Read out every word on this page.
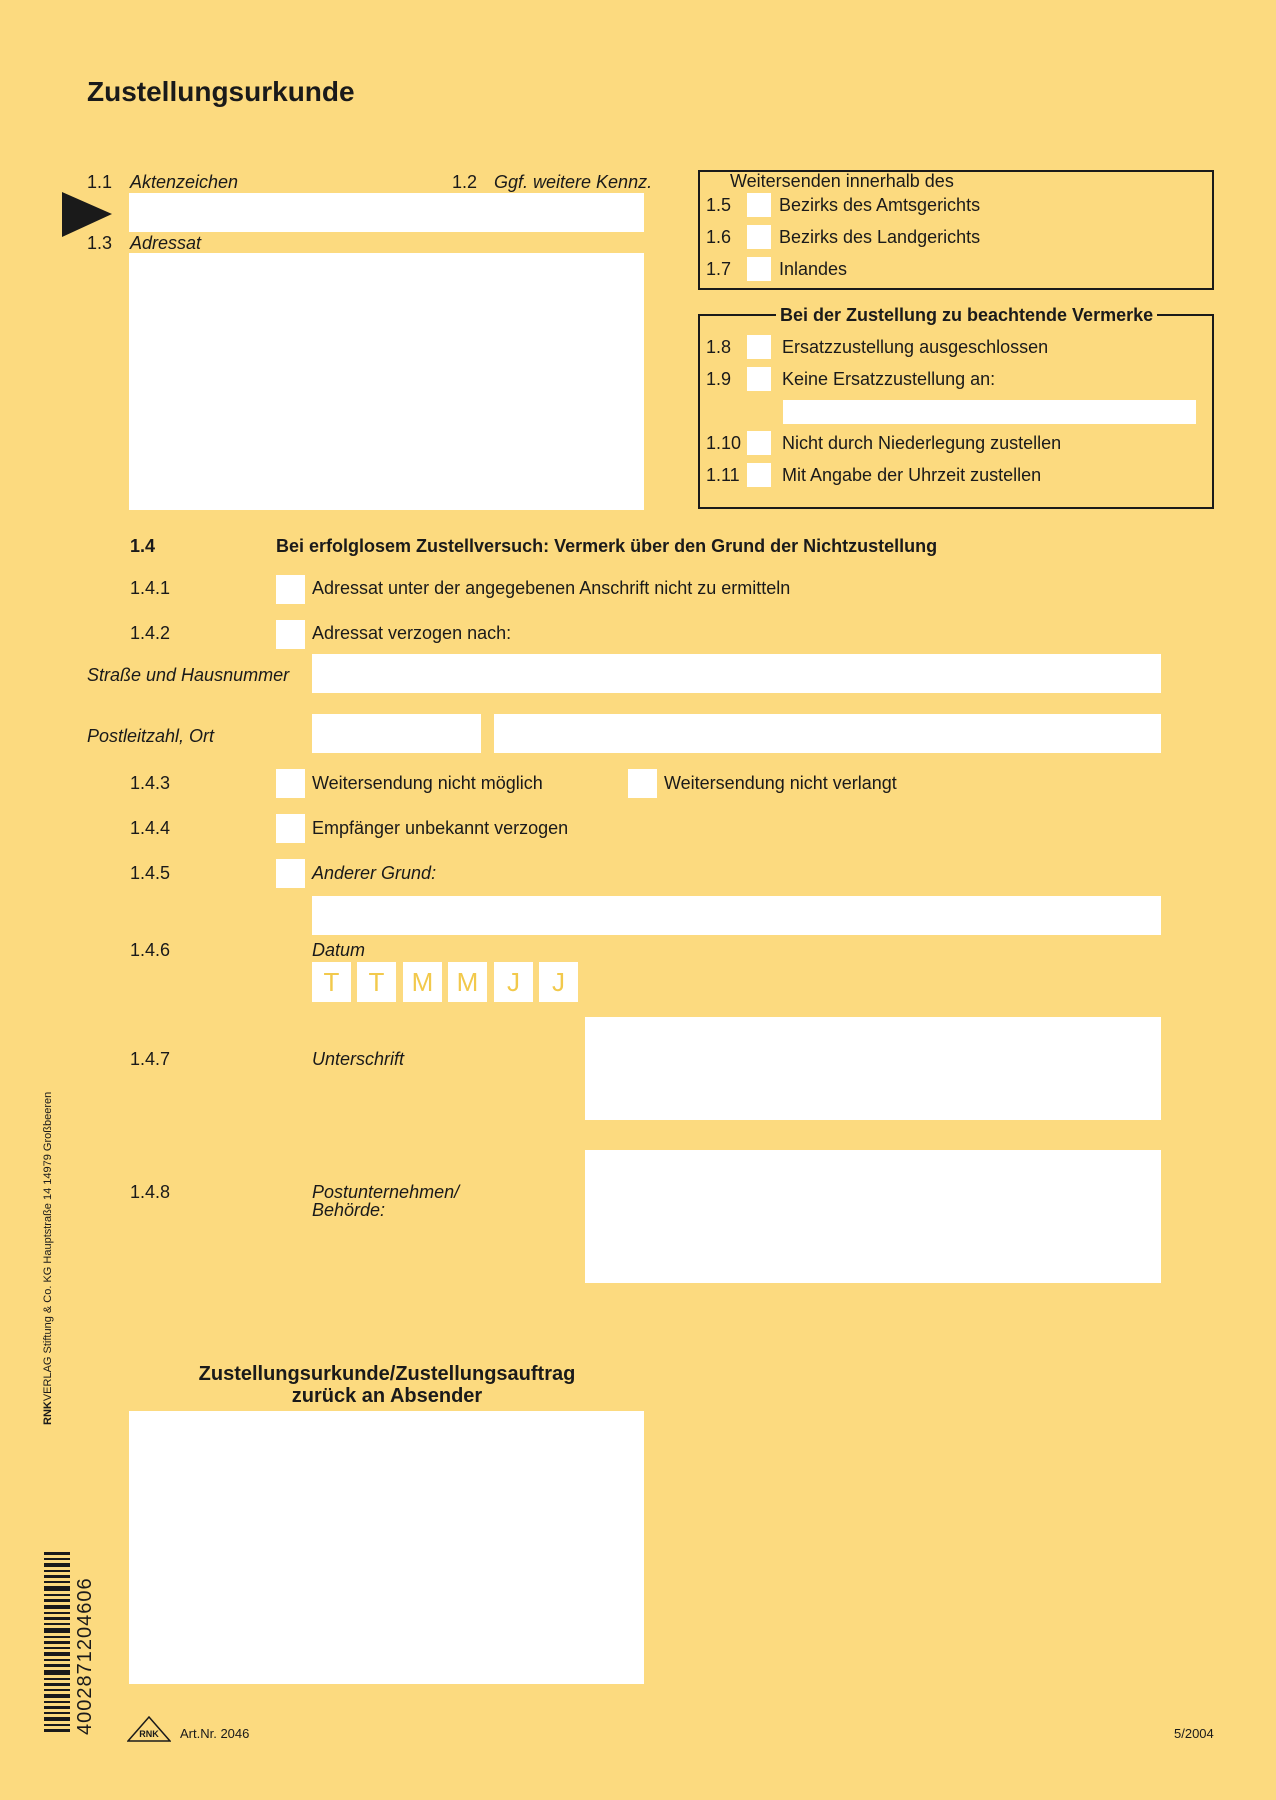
Zustellungsurkunde
1.1 Aktenzeichen	1.2 Ggf. weitere Kennz.
1.3 Adressat
Weitersenden innerhalb des
1.5	Bezirks des Amtsgerichts
1.6	Bezirks des Landgerichts
1.7	Inlandes
Bei der Zustellung zu beachtende Vermerke
1.8	Ersatzzustellung ausgeschlossen
1.9	Keine Ersatzzustellung an:
1.10 Nicht durch Niederlegung zustellen
1.11 Mit Angabe der Uhrzeit zustellen
1.4	Bei erfolglosem Zustellversuch: Vermerk über den Grund der Nichtzustellung
1.4.1	Adressat unter der angegebenen Anschrift nicht zu ermitteln
1.4.2	Adressat verzogen nach:
Straße und Hausnummer
Postleitzahl, Ort
1.4.3	Weitersendung nicht möglich	Weitersendung nicht verlangt
1.4.4	Empfänger unbekannt verzogen
1.4.5	Anderer Grund:
1.4.6	Datum
T	T	M M	J	J
1.4.7	Unterschrift
1.4.8	Postunternehmen/
Behörde:
Zustellungsurkunde/Zustellungsauftrag
zurück an Absender
RNKVERLAG Stiftung & Co. KG Hauptstraße 14 14979 Großbeeren
4002871204606	RNK Art.Nr. 2046	5/2004
